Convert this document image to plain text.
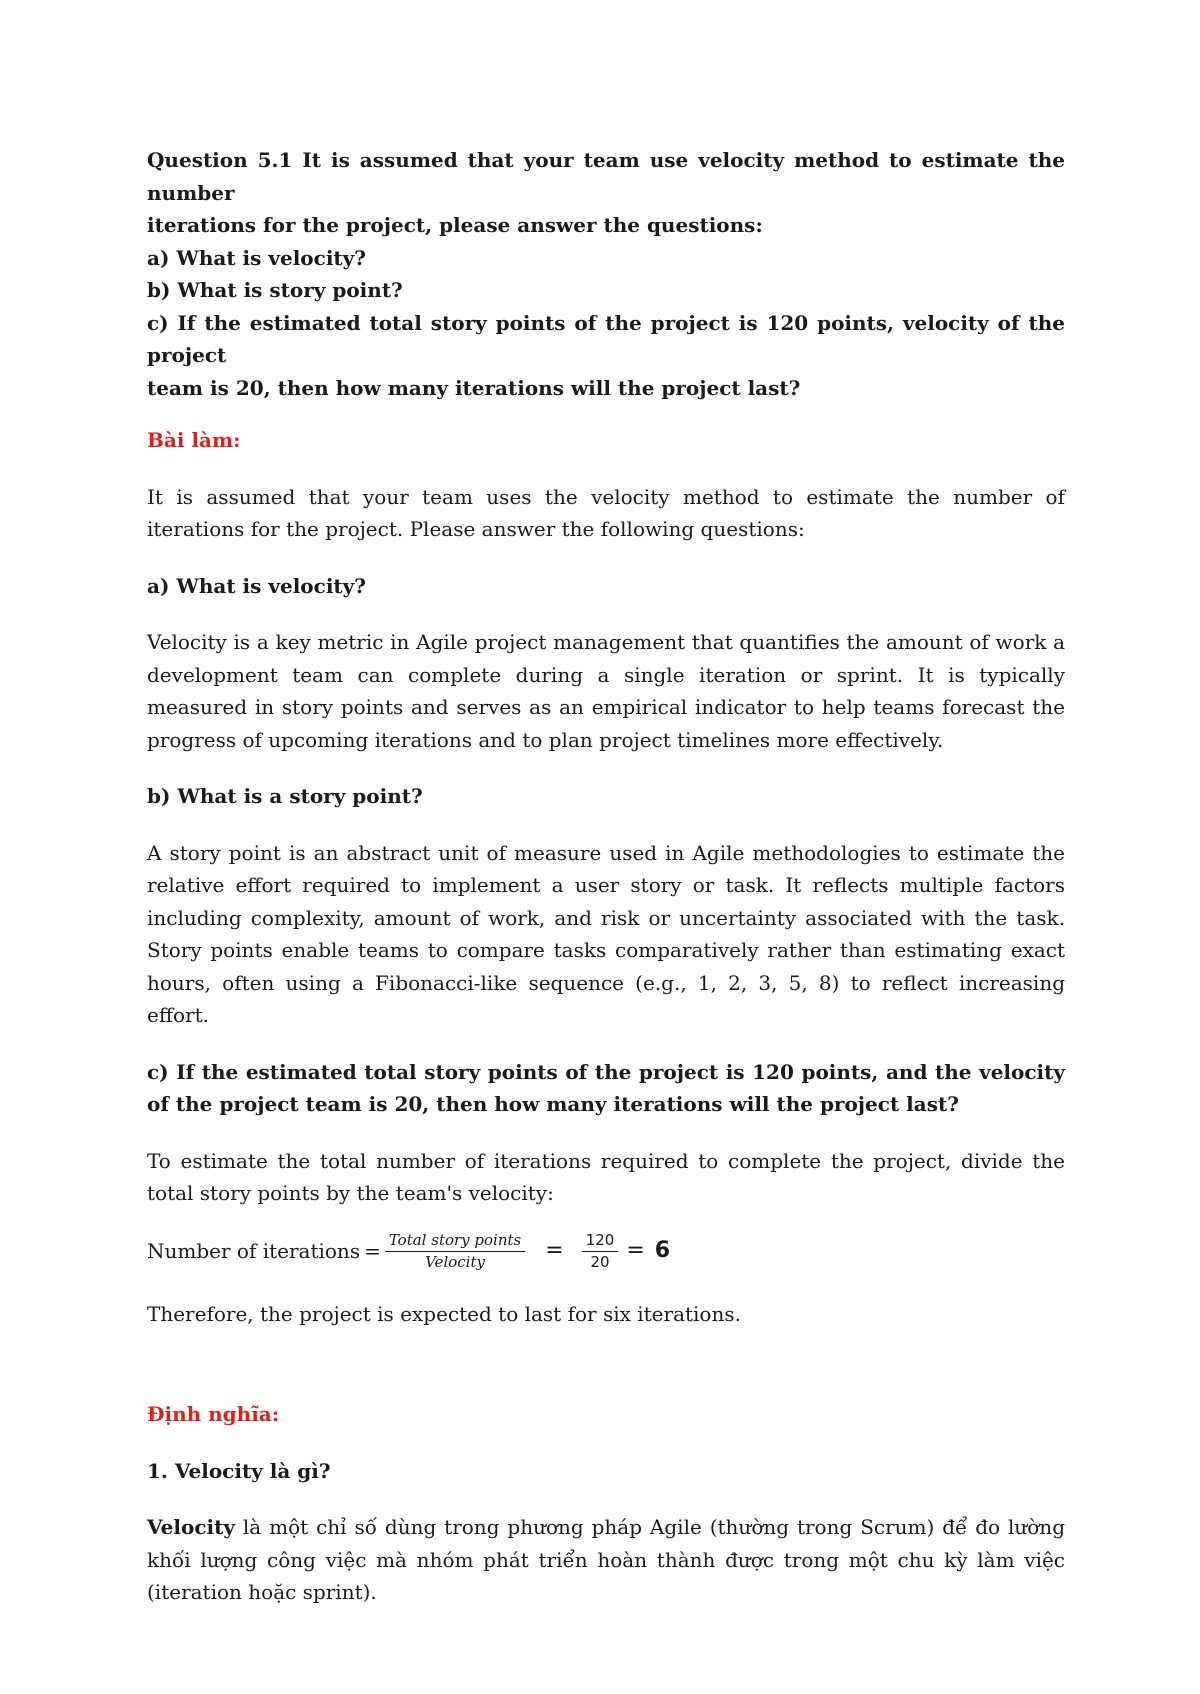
Question 5.1 It is assumed that your team use velocity method to estimate the number

iterations for the project, please answer the questions:

a) What is velocity?

b) What is story point?

c) If the estimated total story points of the project is 120 points, velocity of the project

team is 20, then how many iterations will the project last?

Bài làm:

It is assumed that your team uses the velocity method to estimate the number of iterations for the project. Please answer the following questions:

a) What is velocity?

Velocity is a key metric in Agile project management that quantifies the amount of work a development team can complete during a single iteration or sprint. It is typically measured in story points and serves as an empirical indicator to help teams forecast the progress of upcoming iterations and to plan project timelines more effectively.

b) What is a story point?

A story point is an abstract unit of measure used in Agile methodologies to estimate the relative effort required to implement a user story or task. It reflects multiple factors including complexity, amount of work, and risk or uncertainty associated with the task. Story points enable teams to compare tasks comparatively rather than estimating exact hours, often using a Fibonacci-like sequence (e.g., 1, 2, 3, 5, 8) to reflect increasing effort.

c) If the estimated total story points of the project is 120 points, and the velocity of the project team is 20, then how many iterations will the project last?

To estimate the total number of iterations required to complete the project, divide the total story points by the team's velocity:

Number of iterations = $\frac{\text{Total story points}}{\text{Velocity}} = \frac{120}{20} = 6$

Therefore, the project is expected to last for six iterations.

Định nghĩa:

1. Velocity là gì?

Velocity là một chỉ số dùng trong phương pháp Agile (thường trong Scrum) để đo lường khối lượng công việc mà nhóm phát triển hoàn thành được trong một chu kỳ làm việc (iteration hoặc sprint).
